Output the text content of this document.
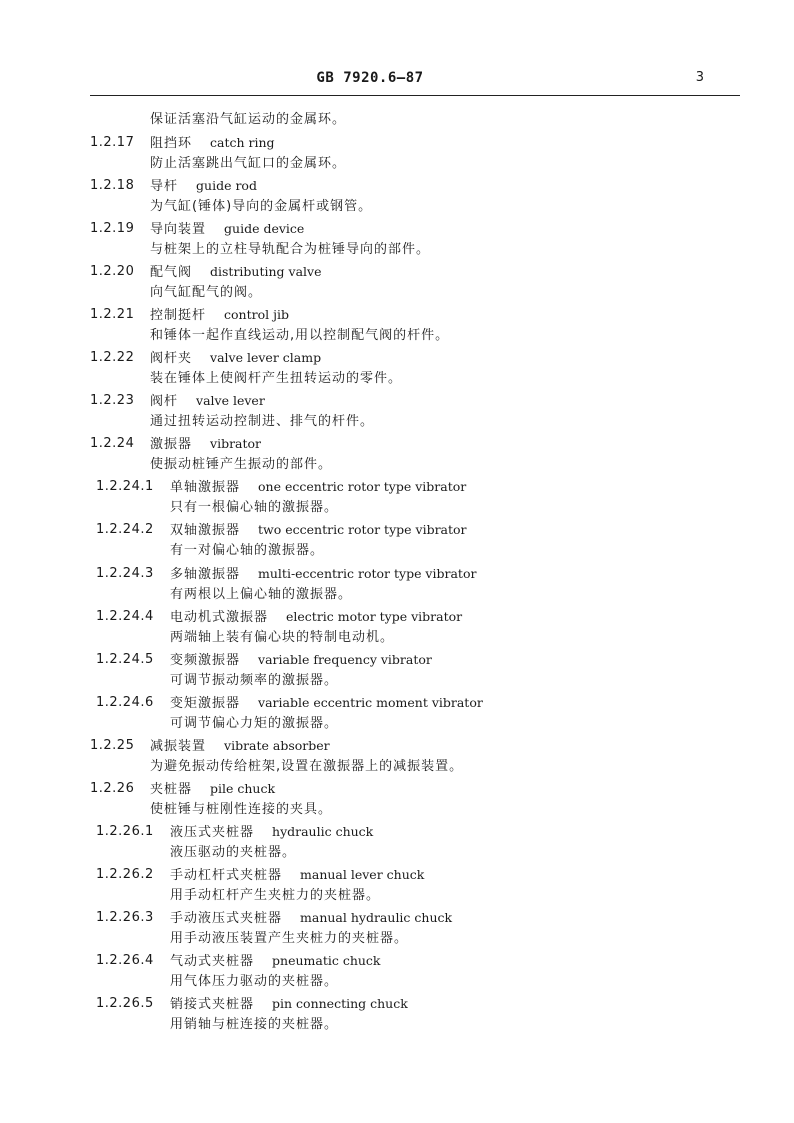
GB 7920.6—87	3
保证活塞沿气缸运动的金属环。
1.2.17 阻挡环 catch ring
防止活塞跳出气缸口的金属环。
1.2.18 导杆 guide rod
为气缸(锤体)导向的金属杆或钢管。
1.2.19 导向装置 guide device
与桩架上的立柱导轨配合为桩锤导向的部件。
1.2.20 配气阀 distributing valve
向气缸配气的阀。
1.2.21 控制挺杆 control jib
和锤体一起作直线运动,用以控制配气阀的杆件。
1.2.22 阀杆夹 valve lever clamp
装在锤体上使阀杆产生扭转运动的零件。
1.2.23 阀杆 valve lever
通过扭转运动控制进、排气的杆件。
1.2.24 激振器 vibrator
使振动桩锤产生振动的部件。
1.2.24.1 单轴激振器 one eccentric rotor type vibrator
只有一根偏心轴的激振器。
1.2.24.2 双轴激振器 two eccentric rotor type vibrator
有一对偏心轴的激振器。
1.2.24.3 多轴激振器 multi-eccentric rotor type vibrator
有两根以上偏心轴的激振器。
1.2.24.4 电动机式激振器 electric motor type vibrator
两端轴上装有偏心块的特制电动机。
1.2.24.5 变频激振器 variable frequency vibrator
可调节振动频率的激振器。
1.2.24.6 变矩激振器 variable eccentric moment vibrator
可调节偏心力矩的激振器。
1.2.25 减振装置 vibrate absorber
为避免振动传给桩架,设置在激振器上的减振装置。
1.2.26 夹桩器 pile chuck
使桩锤与桩刚性连接的夹具。
1.2.26.1 液压式夹桩器 hydraulic chuck
液压驱动的夹桩器。
1.2.26.2 手动杠杆式夹桩器 manual lever chuck
用手动杠杆产生夹桩力的夹桩器。
1.2.26.3 手动液压式夹桩器 manual hydraulic chuck
用手动液压装置产生夹桩力的夹桩器。
1.2.26.4 气动式夹桩器 pneumatic chuck
用气体压力驱动的夹桩器。
1.2.26.5 销接式夹桩器 pin connecting chuck
用销轴与桩连接的夹桩器。
